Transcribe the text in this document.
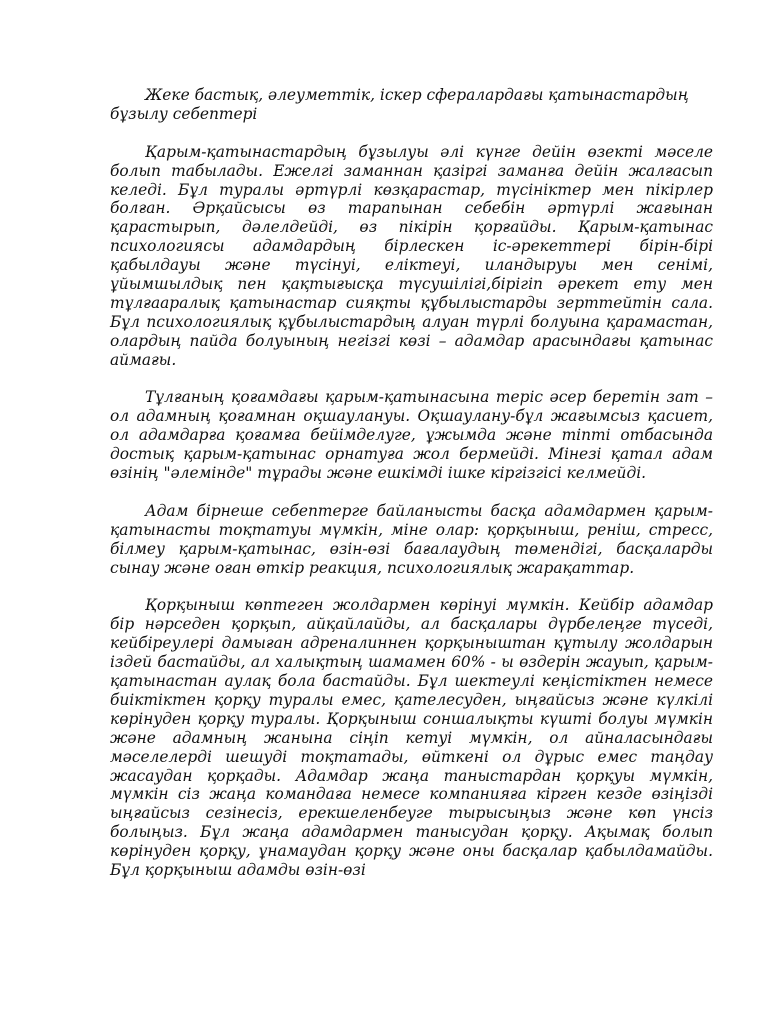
Жеке бастық, әлеуметтік, іскер сфералардағы қатынастардың бұзылу себептері

Қарым-қатынастардың бұзылуы әлі күнге дейін өзекті мәселе болып табылады. Ежелгі заманнан қазіргі заманға дейін жалғасып келеді. Бұл туралы әртүрлі көзқарастар, түсініктер мен пікірлер болған. Әрқайсысы өз тарапынан себебін әртүрлі жағынан қарастырып, дәлелдейді, өз пікірін қорғайды. Қарым-қатынас психологиясы адамдардың бірлескен іс-әрекеттері бірін-бірі қабылдауы және түсінуі, еліктеуі, иландыруы мен сенімі, ұйымшылдық пен қақтығысқа түсушілігі,бірігіп әрекет ету мен тұлғааралық қатынастар сияқты құбылыстарды зерттейтін сала. Бұл психологиялық құбылыстардың алуан түрлі болуына қарамастан, олардың пайда болуының негізгі көзі – адамдар арасындағы қатынас аймағы.

Тұлғаның қоғамдағы қарым-қатынасына теріс әсер беретін зат – ол адамның қоғамнан оқшаулануы. Оқшаулану-бұл жағымсыз қасиет, ол адамдарға қоғамға бейімделуге, ұжымда және тіпті отбасында достық қарым-қатынас орнатуға жол бермейді. Мінезі қатал адам өзінің "әлемінде" тұрады және ешкімді ішке кіргізгісі келмейді.

Адам бірнеше себептерге байланысты басқа адамдармен қарым-қатынасты тоқтатуы мүмкін, міне олар: қорқыныш, реніш, стресс, білмеу қарым-қатынас, өзін-өзі бағалаудың төмендігі, басқаларды сынау және оған өткір реакция, психологиялық жарақаттар.

Қорқыныш көптеген жолдармен көрінуі мүмкін. Кейбір адамдар бір нәрседен қорқып, айқайлайды, ал басқалары дүрбелеңге түседі, кейбіреулері дамыған адреналиннен қорқыныштан құтылу жолдарын іздей бастайды, ал халықтың шамамен 60% - ы өздерін жауып, қарым-қатынастан аулақ бола бастайды. Бұл шектеулі кеңістіктен немесе биіктіктен қорқу туралы емес, қателесуден, ыңғайсыз және күлкілі көрінуден қорқу туралы. Қорқыныш соншалықты күшті болуы мүмкін және адамның жанына сіңіп кетуі мүмкін, ол айналасындағы мәселелерді шешуді тоқтатады, өйткені ол дұрыс емес таңдау жасаудан қорқады. Адамдар жаңа таныстардан қорқуы мүмкін, мүмкін сіз жаңа командаға немесе компанияға кірген кезде өзіңізді ыңғайсыз сезінесіз, ерекшеленбеуге тырысыңыз және көп үнсіз болыңыз. Бұл жаңа адамдармен танысудан қорқу. Ақымақ болып көрінуден қорқу, ұнамаудан қорқу және оны басқалар қабылдамайды. Бұл қорқыныш адамды өзін-өзі
